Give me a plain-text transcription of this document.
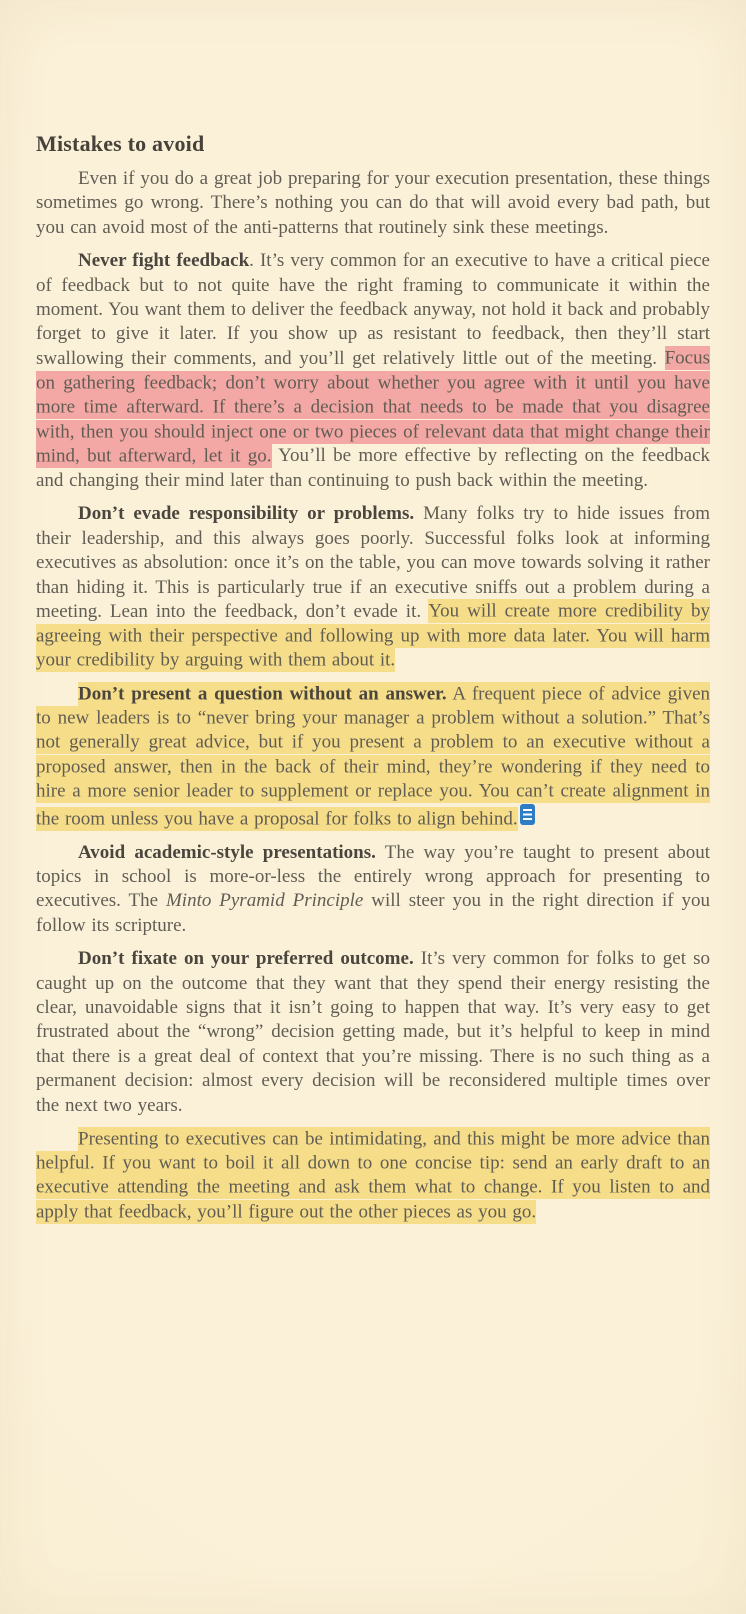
Mistakes to avoid

Even if you do a great job preparing for your execution presentation, these things sometimes go wrong. There’s nothing you can do that will avoid every bad path, but you can avoid most of the anti-patterns that routinely sink these meetings.

Never fight feedback. It’s very common for an executive to have a critical piece of feedback but to not quite have the right framing to communicate it within the moment. You want them to deliver the feedback anyway, not hold it back and probably forget to give it later. If you show up as resistant to feedback, then they’ll start swallowing their comments, and you’ll get relatively little out of the meeting. Focus on gathering feedback; don’t worry about whether you agree with it until you have more time afterward. If there’s a decision that needs to be made that you disagree with, then you should inject one or two pieces of relevant data that might change their mind, but afterward, let it go. You’ll be more effective by reflecting on the feedback and changing their mind later than continuing to push back within the meeting.

Don’t evade responsibility or problems. Many folks try to hide issues from their leadership, and this always goes poorly. Successful folks look at informing executives as absolution: once it’s on the table, you can move towards solving it rather than hiding it. This is particularly true if an executive sniffs out a problem during a meeting. Lean into the feedback, don’t evade it. You will create more credibility by agreeing with their perspective and following up with more data later. You will harm your credibility by arguing with them about it.

Don’t present a question without an answer. A frequent piece of advice given to new leaders is to “never bring your manager a problem without a solution.” That’s not generally great advice, but if you present a problem to an executive without a proposed answer, then in the back of their mind, they’re wondering if they need to hire a more senior leader to supplement or replace you. You can’t create alignment in the room unless you have a proposal for folks to align behind.

Avoid academic-style presentations. The way you’re taught to present about topics in school is more-or-less the entirely wrong approach for presenting to executives. The Minto Pyramid Principle will steer you in the right direction if you follow its scripture.

Don’t fixate on your preferred outcome. It’s very common for folks to get so caught up on the outcome that they want that they spend their energy resisting the clear, unavoidable signs that it isn’t going to happen that way. It’s very easy to get frustrated about the “wrong” decision getting made, but it’s helpful to keep in mind that there is a great deal of context that you’re missing. There is no such thing as a permanent decision: almost every decision will be reconsidered multiple times over the next two years.

Presenting to executives can be intimidating, and this might be more advice than helpful. If you want to boil it all down to one concise tip: send an early draft to an executive attending the meeting and ask them what to change. If you listen to and apply that feedback, you’ll figure out the other pieces as you go.
